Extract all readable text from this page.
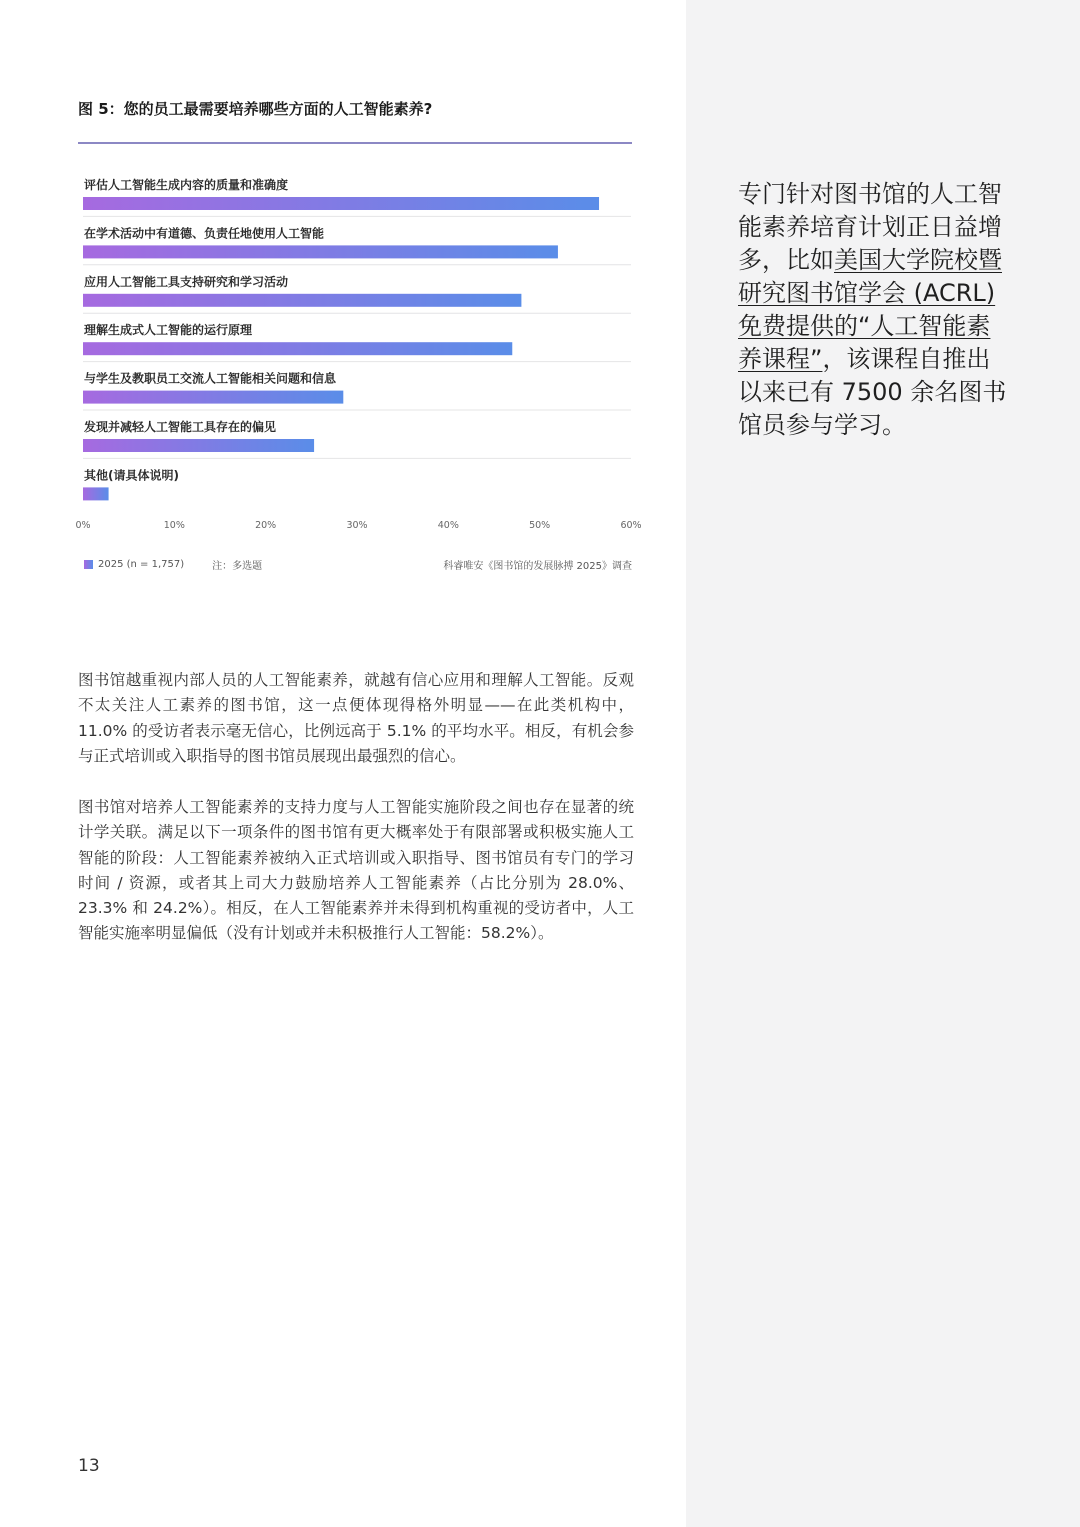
专门针对图书馆的人工智能素养培育计划正日益增多，比如美国大学院校暨研究图书馆学会 (ACRL) 免费提供的“人工智能素养课程”，该课程自推出以来已有 7500 余名图书馆员参与学习。

图 5：您的员工最需要培养哪些方面的人工智能素养?
评估人工智能生成内容的质量和准确度
在学术活动中有道德、负责任地使用人工智能
应用人工智能工具支持研究和学习活动
理解生成式人工智能的运行原理
与学生及教职员工交流人工智能相关问题和信息
发现并减轻人工智能工具存在的偏见
其他(请具体说明)
0%	10%	20%	30%	40%	50%	60%
2025 (n = 1,757)	注：多选题	科睿唯安《图书馆的发展脉搏 2025》调查

图书馆越重视内部人员的人工智能素养，就越有信心应用和理解人工智能。反观不太关注人工素养的图书馆，这一点便体现得格外明显——在此类机构中，11.0% 的受访者表示毫无信心，比例远高于 5.1% 的平均水平。相反，有机会参与正式培训或入职指导的图书馆员展现出最强烈的信心。

图书馆对培养人工智能素养的支持力度与人工智能实施阶段之间也存在显著的统计学关联。满足以下一项条件的图书馆有更大概率处于有限部署或积极实施人工智能的阶段：人工智能素养被纳入正式培训或入职指导、图书馆员有专门的学习时间 / 资源，或者其上司大力鼓励培养人工智能素养（占比分别为 28.0%、23.3% 和 24.2%）。相反，在人工智能素养并未得到机构重视的受访者中，人工智能实施率明显偏低（没有计划或并未积极推行人工智能：58.2%）。

13
